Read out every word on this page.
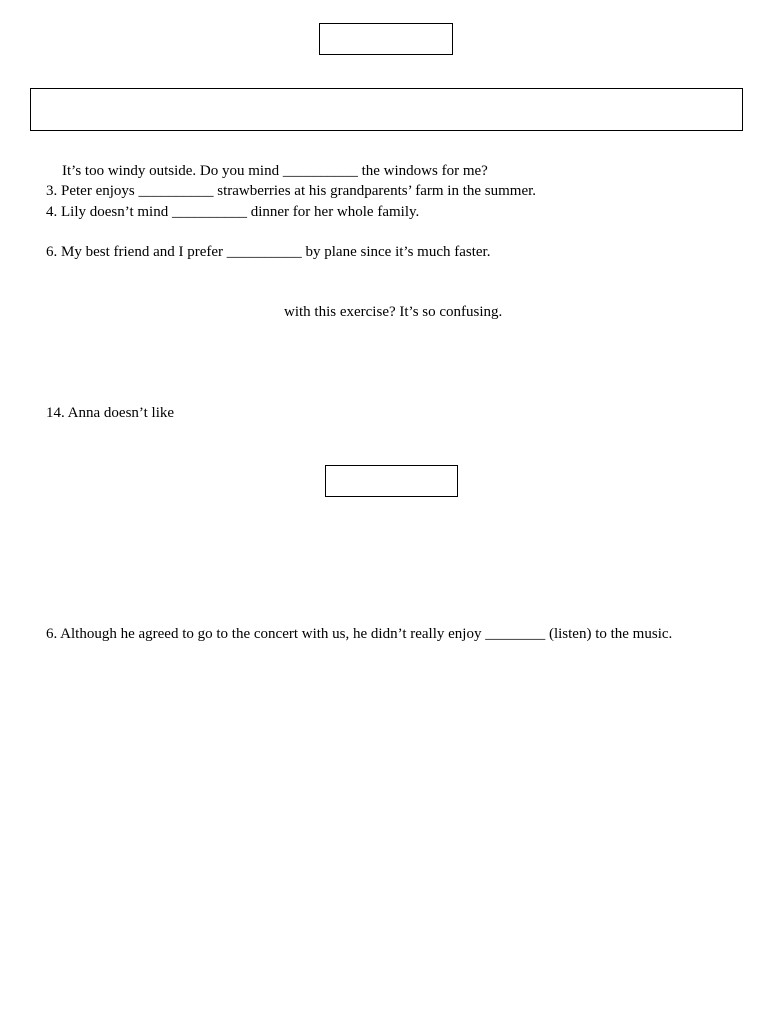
It’s too windy outside. Do you mind __________ the windows for me?
3. Peter enjoys __________ strawberries at his grandparents’ farm in the summer.
4. Lily doesn’t mind __________ dinner for her whole family.
6. My best friend and I prefer __________ by plane since it’s much faster.
with this exercise? It’s so confusing.
14. Anna doesn’t like
6. Although he agreed to go to the concert with us, he didn’t really enjoy ________ (listen) to the music.
